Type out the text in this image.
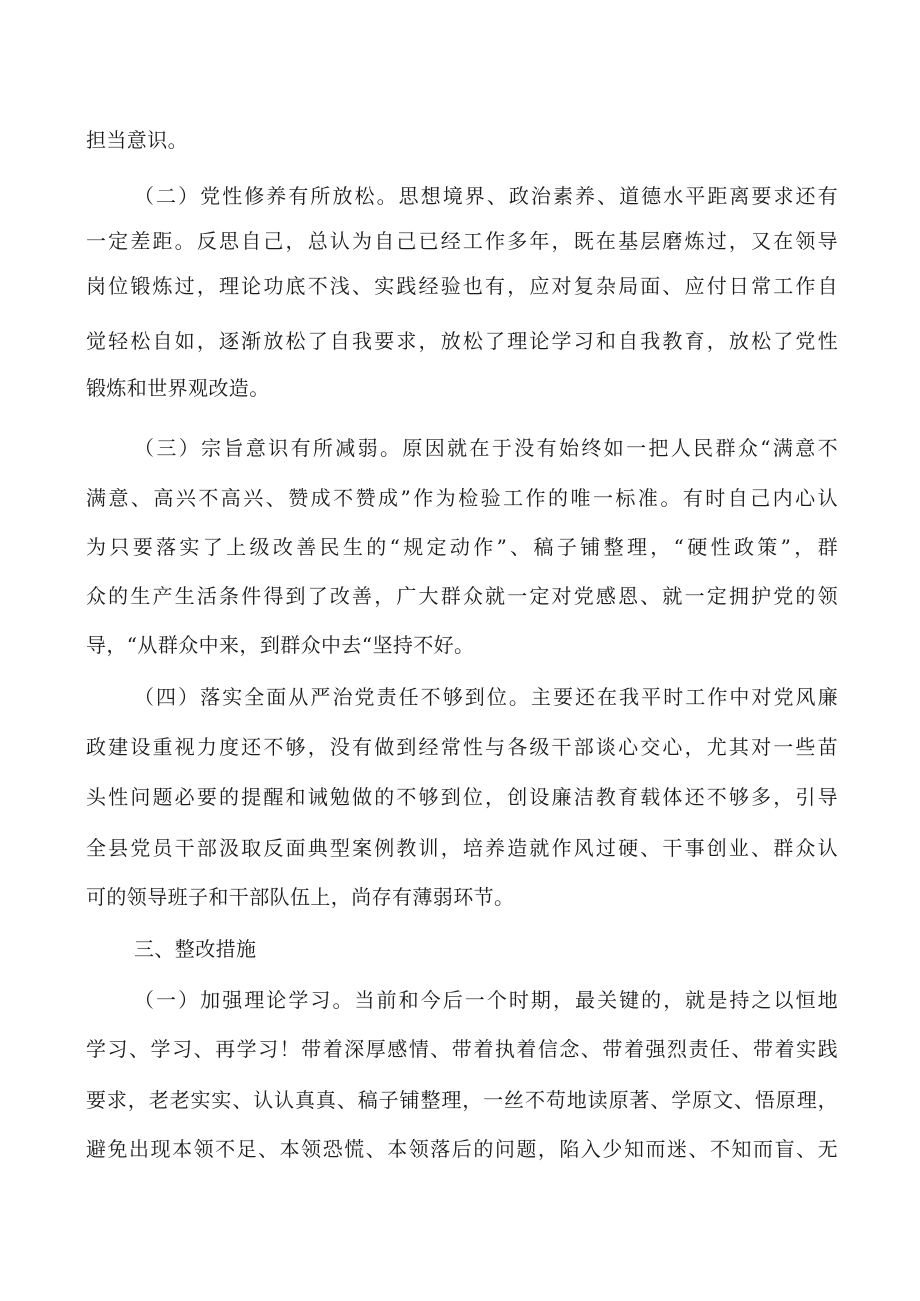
担当意识。
（二）党性修养有所放松。思想境界、政治素养、道德水平距离要求还有
一定差距。反思自己，总认为自己已经工作多年，既在基层磨炼过，又在领导
岗位锻炼过，理论功底不浅、实践经验也有，应对复杂局面、应付日常工作自
觉轻松自如，逐渐放松了自我要求，放松了理论学习和自我教育，放松了党性
锻炼和世界观改造。
（三）宗旨意识有所减弱。原因就在于没有始终如一把人民群众“满意不
满意、高兴不高兴、赞成不赞成”作为检验工作的唯一标准。有时自己内心认
为只要落实了上级改善民生的“规定动作”、稿子铺整理，“硬性政策”，群
众的生产生活条件得到了改善，广大群众就一定对党感恩、就一定拥护党的领
导，“从群众中来，到群众中去“坚持不好。
（四）落实全面从严治党责任不够到位。主要还在我平时工作中对党风廉
政建设重视力度还不够，没有做到经常性与各级干部谈心交心，尤其对一些苗
头性问题必要的提醒和诫勉做的不够到位，创设廉洁教育载体还不够多，引导
全县党员干部汲取反面典型案例教训，培养造就作风过硬、干事创业、群众认
可的领导班子和干部队伍上，尚存有薄弱环节。
三、整改措施
（一）加强理论学习。当前和今后一个时期，最关键的，就是持之以恒地
学习、学习、再学习！带着深厚感情、带着执着信念、带着强烈责任、带着实践
要求，老老实实、认认真真、稿子铺整理，一丝不苟地读原著、学原文、悟原理，
避免出现本领不足、本领恐慌、本领落后的问题，陷入少知而迷、不知而盲、无
